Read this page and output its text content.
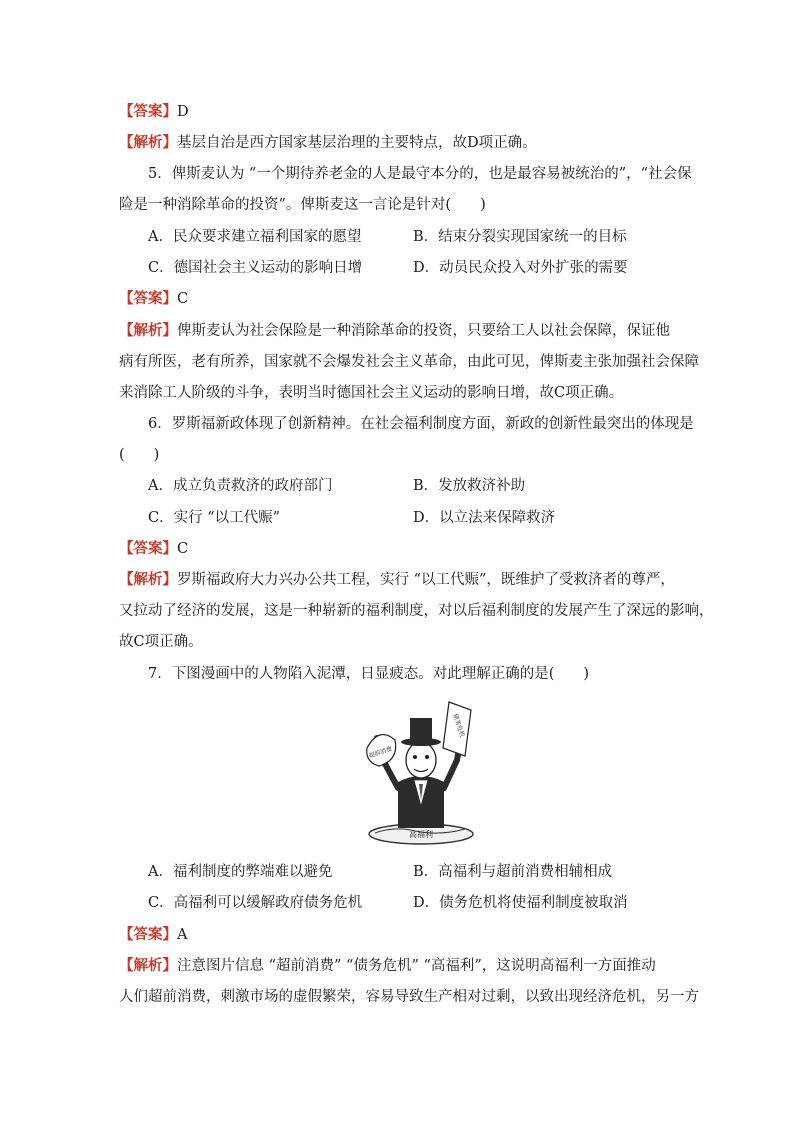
【答案】D
【解析】基层自治是西方国家基层治理的主要特点，故D项正确。
5．俾斯麦认为 “一个期待养老金的人是最守本分的，也是最容易被统治的”，“社会保
险是一种消除革命的投资”。俾斯麦这一言论是针对(　　)
A．民众要求建立福利国家的愿望	B．结束分裂实现国家统一的目标
C．德国社会主义运动的影响日增	D．动员民众投入对外扩张的需要
【答案】C
【解析】俾斯麦认为社会保险是一种消除革命的投资，只要给工人以社会保障，保证他
病有所医，老有所养，国家就不会爆发社会主义革命，由此可见，俾斯麦主张加强社会保障
来消除工人阶级的斗争，表明当时德国社会主义运动的影响日增，故C项正确。
6．罗斯福新政体现了创新精神。在社会福利制度方面，新政的创新性最突出的体现是
(　　)
A．成立负责救济的政府部门	B．发放救济补助
C．实行 “以工代赈”	D．以立法来保障救济
【答案】C
【解析】罗斯福政府大力兴办公共工程，实行 “以工代赈”，既维护了受救济者的尊严，
又拉动了经济的发展，这是一种崭新的福利制度，对以后福利制度的发展产生了深远的影响，
故C项正确。
7．下图漫画中的人物陷入泥潭，日显疲态。对此理解正确的是(　　)
高福利
超前消费
债务危机
A．福利制度的弊端难以避免	B．高福利与超前消费相辅相成
C．高福利可以缓解政府债务危机	D．债务危机将使福利制度被取消
【答案】A
【解析】注意图片信息 “超前消费” “债务危机” “高福利”，这说明高福利一方面推动
人们超前消费，刺激市场的虚假繁荣，容易导致生产相对过剩，以致出现经济危机，另一方
